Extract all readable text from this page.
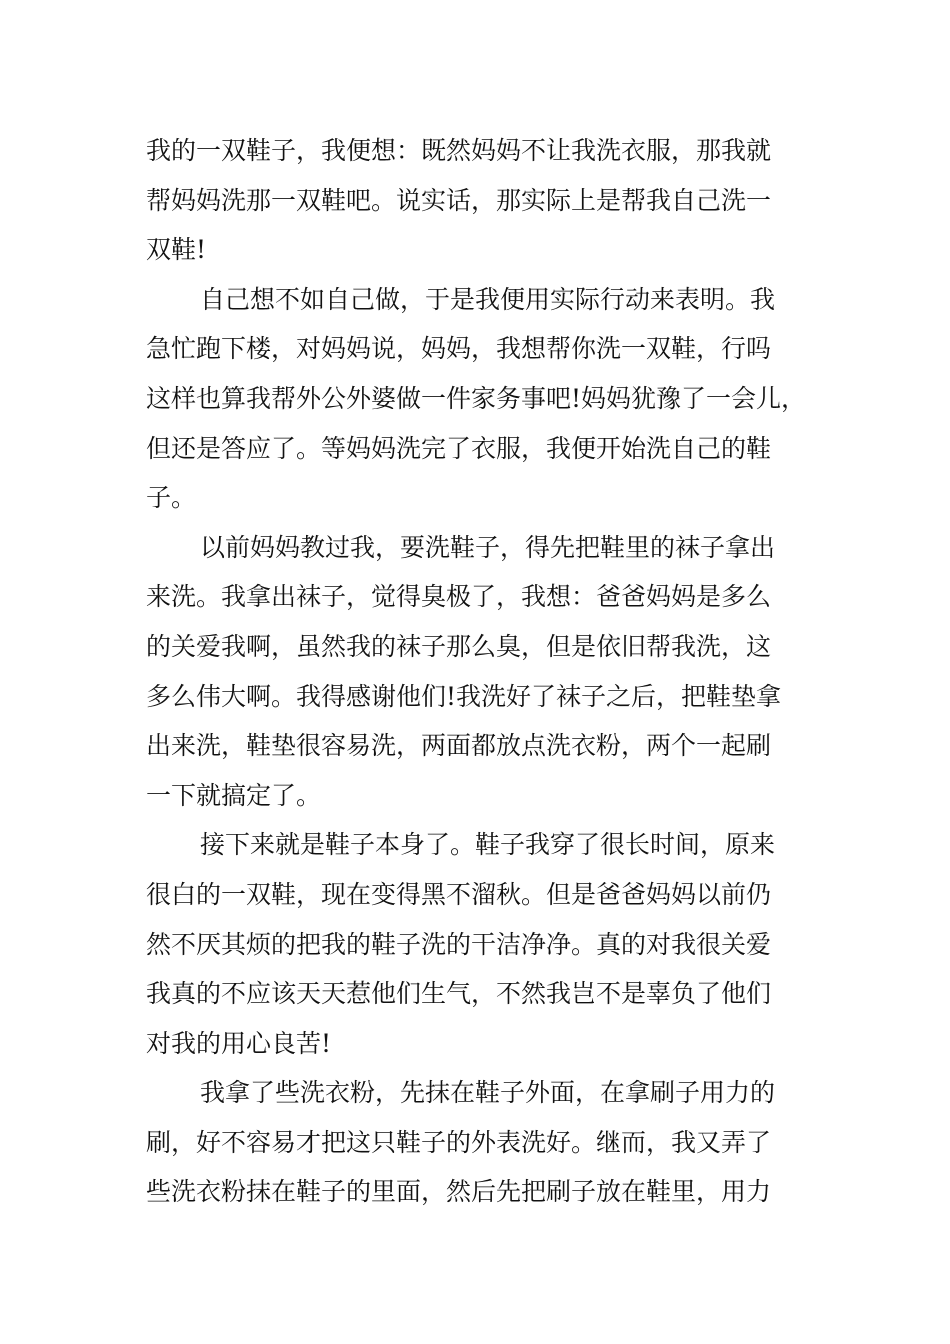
我的一双鞋子，我便想：既然妈妈不让我洗衣服，那我就
帮妈妈洗那一双鞋吧。说实话，那实际上是帮我自己洗一
双鞋!
自己想不如自己做，于是我便用实际行动来表明。我
急忙跑下楼，对妈妈说，妈妈，我想帮你洗一双鞋，行吗
这样也算我帮外公外婆做一件家务事吧!妈妈犹豫了一会儿，
但还是答应了。等妈妈洗完了衣服，我便开始洗自己的鞋
子。
以前妈妈教过我，要洗鞋子，得先把鞋里的袜子拿出
来洗。我拿出袜子，觉得臭极了，我想：爸爸妈妈是多么
的关爱我啊，虽然我的袜子那么臭，但是依旧帮我洗，这
多么伟大啊。我得感谢他们!我洗好了袜子之后，把鞋垫拿
出来洗，鞋垫很容易洗，两面都放点洗衣粉，两个一起刷
一下就搞定了。
接下来就是鞋子本身了。鞋子我穿了很长时间，原来
很白的一双鞋，现在变得黑不溜秋。但是爸爸妈妈以前仍
然不厌其烦的把我的鞋子洗的干洁净净。真的对我很关爱
我真的不应该天天惹他们生气，不然我岂不是辜负了他们
对我的用心良苦!
我拿了些洗衣粉，先抹在鞋子外面，在拿刷子用力的
刷，好不容易才把这只鞋子的外表洗好。继而，我又弄了
些洗衣粉抹在鞋子的里面，然后先把刷子放在鞋里，用力
